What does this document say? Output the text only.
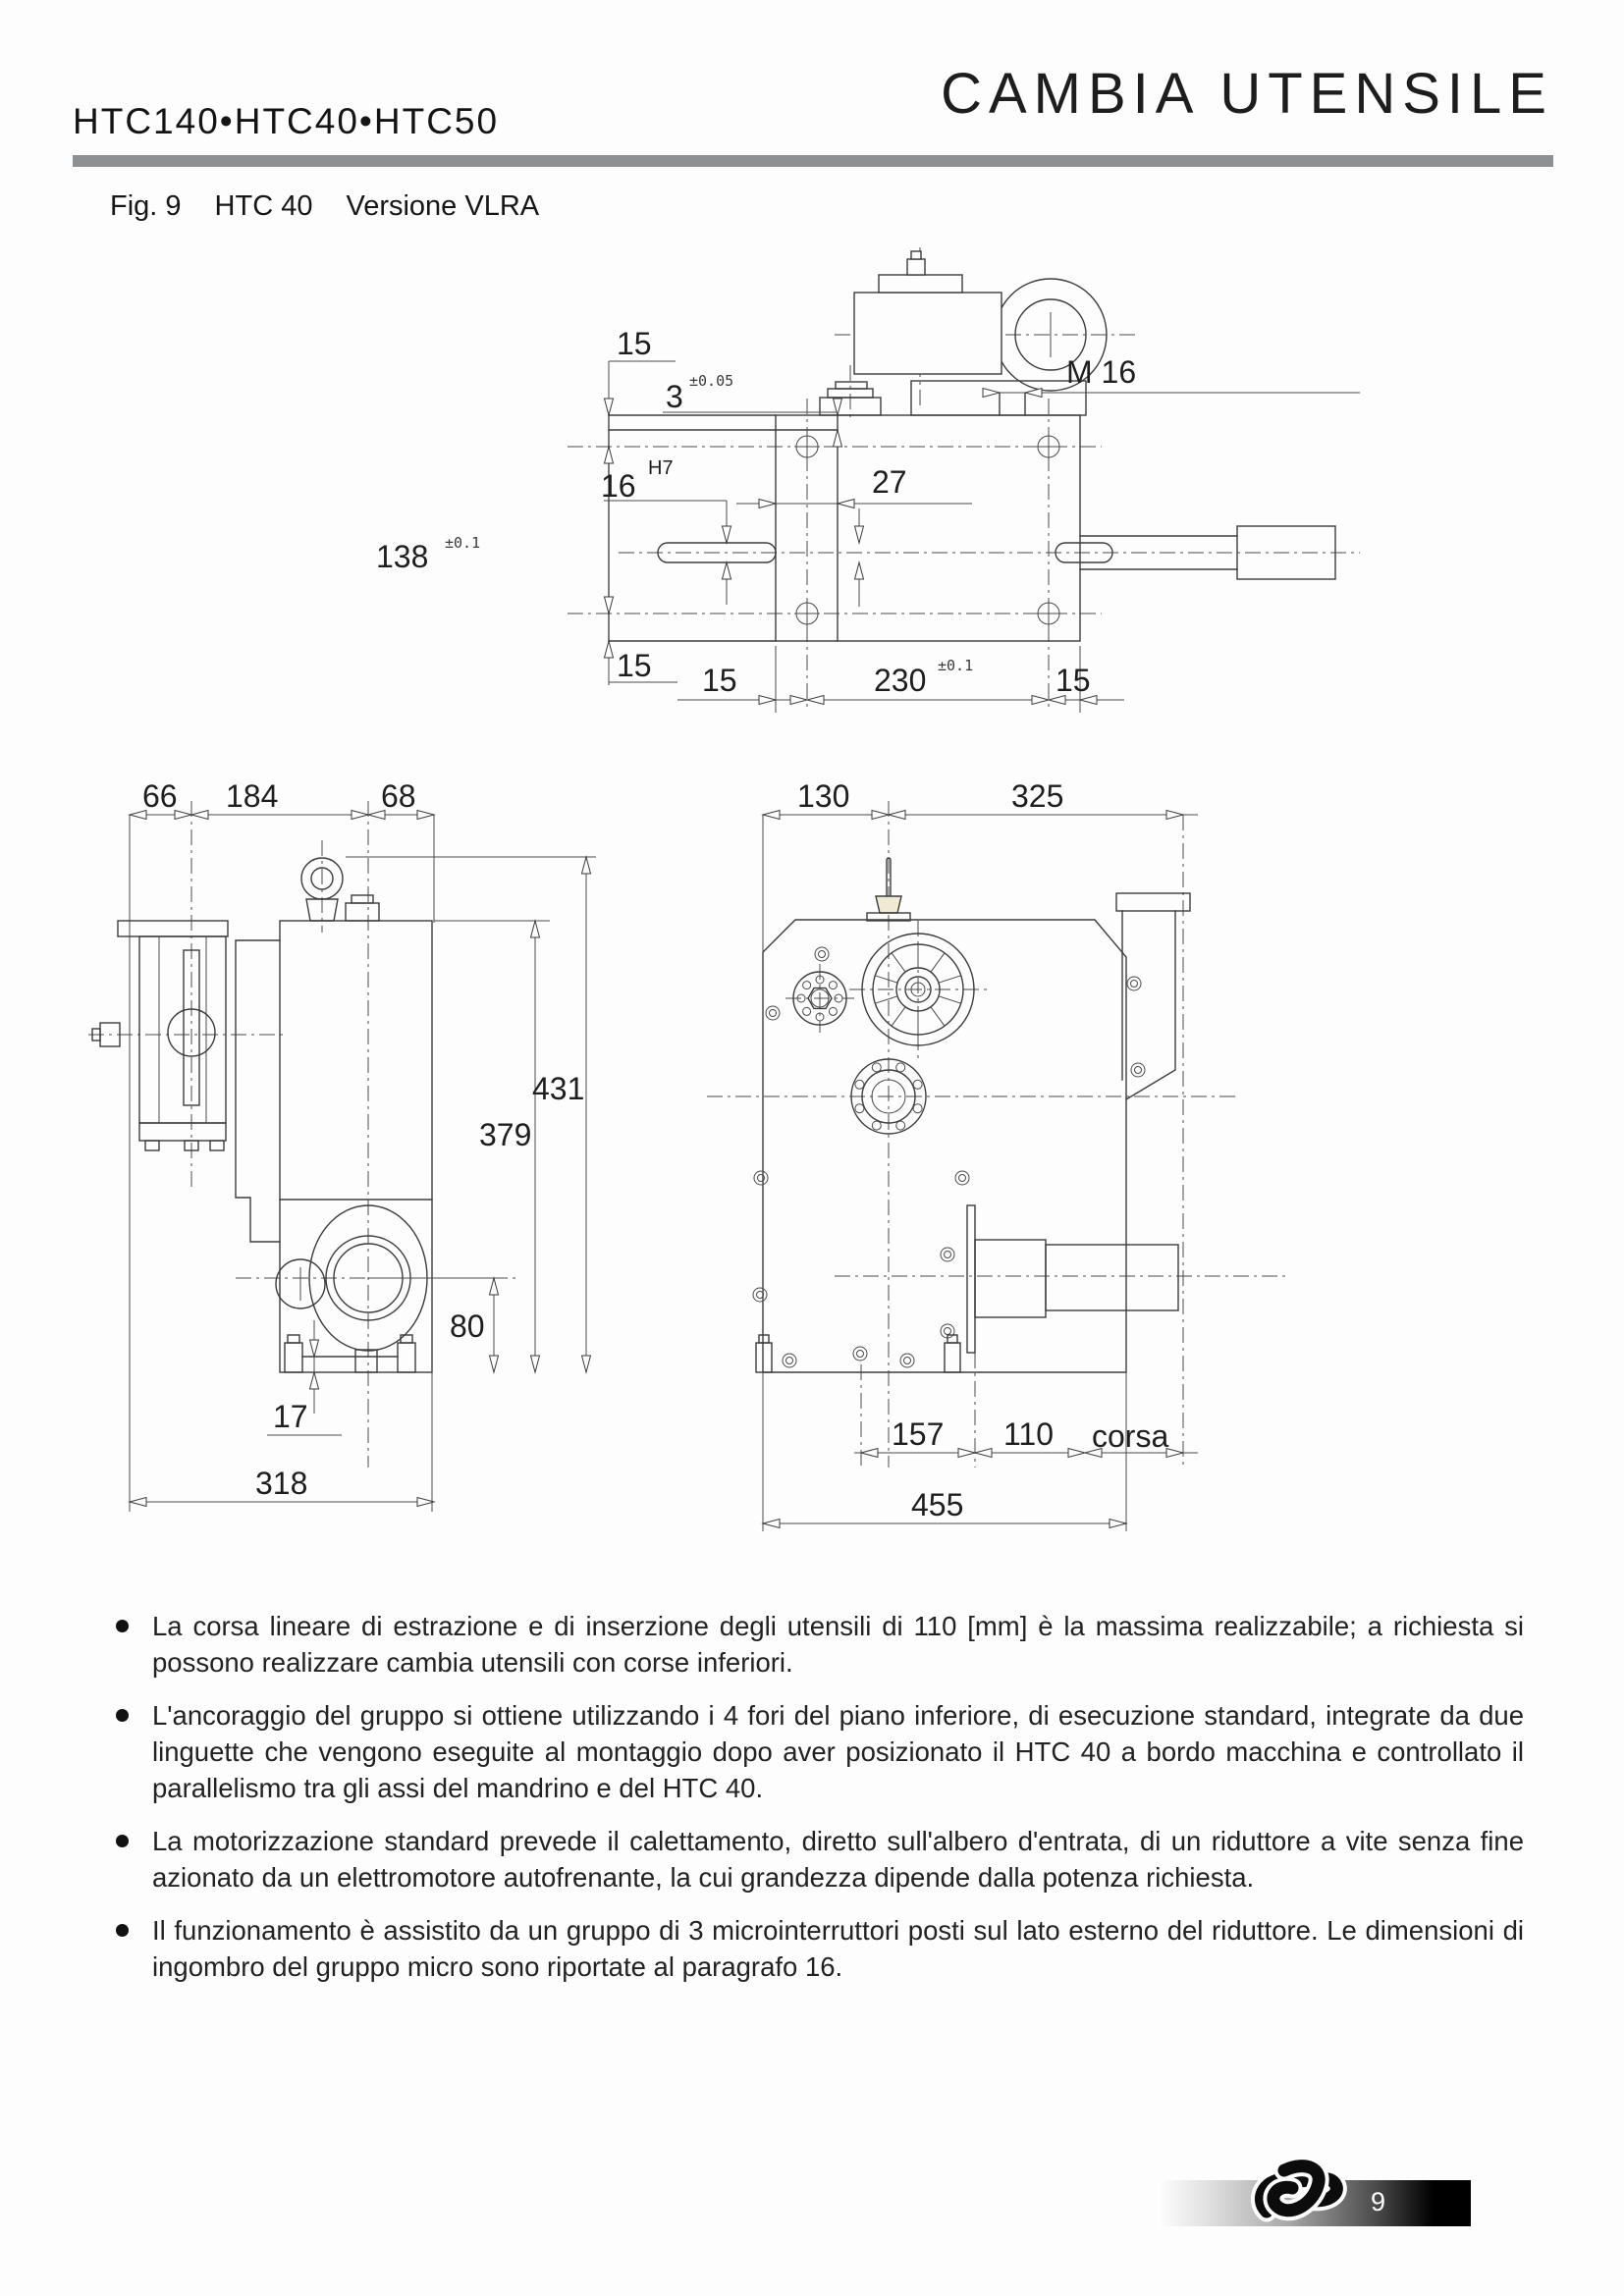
HTC140•HTC40•HTC50	CAMBIA UTENSILE
Fig. 9 HTC 40 Versione VLRA
15
138 ±0.1
15
3 ±0.05
16 H7	27
M 16
15	230 ±0.1	15
66 184	68
431
379
80
17
318
130	325
157 110 corsa
455
La corsa lineare di estrazione e di inserzione degli utensili di 110 [mm] è la massima realizzabile; a richiesta si possono realizzare cambia utensili con corse inferiori.
L'ancoraggio del gruppo si ottiene utilizzando i 4 fori del piano inferiore, di esecuzione standard, integrate da due linguette che vengono eseguite al montaggio dopo aver posizionato il HTC 40 a bordo macchina e controllato il parallelismo tra gli assi del mandrino e del HTC 40.
La motorizzazione standard prevede il calettamento, diretto sull'albero d'entrata, di un riduttore a vite senza fine azionato da un elettromotore autofrenante, la cui grandezza dipende dalla potenza richiesta.
Il funzionamento è assistito da un gruppo di 3 microinterruttori posti sul lato esterno del riduttore. Le dimensioni di ingombro del gruppo micro sono riportate al paragrafo 16.
9
